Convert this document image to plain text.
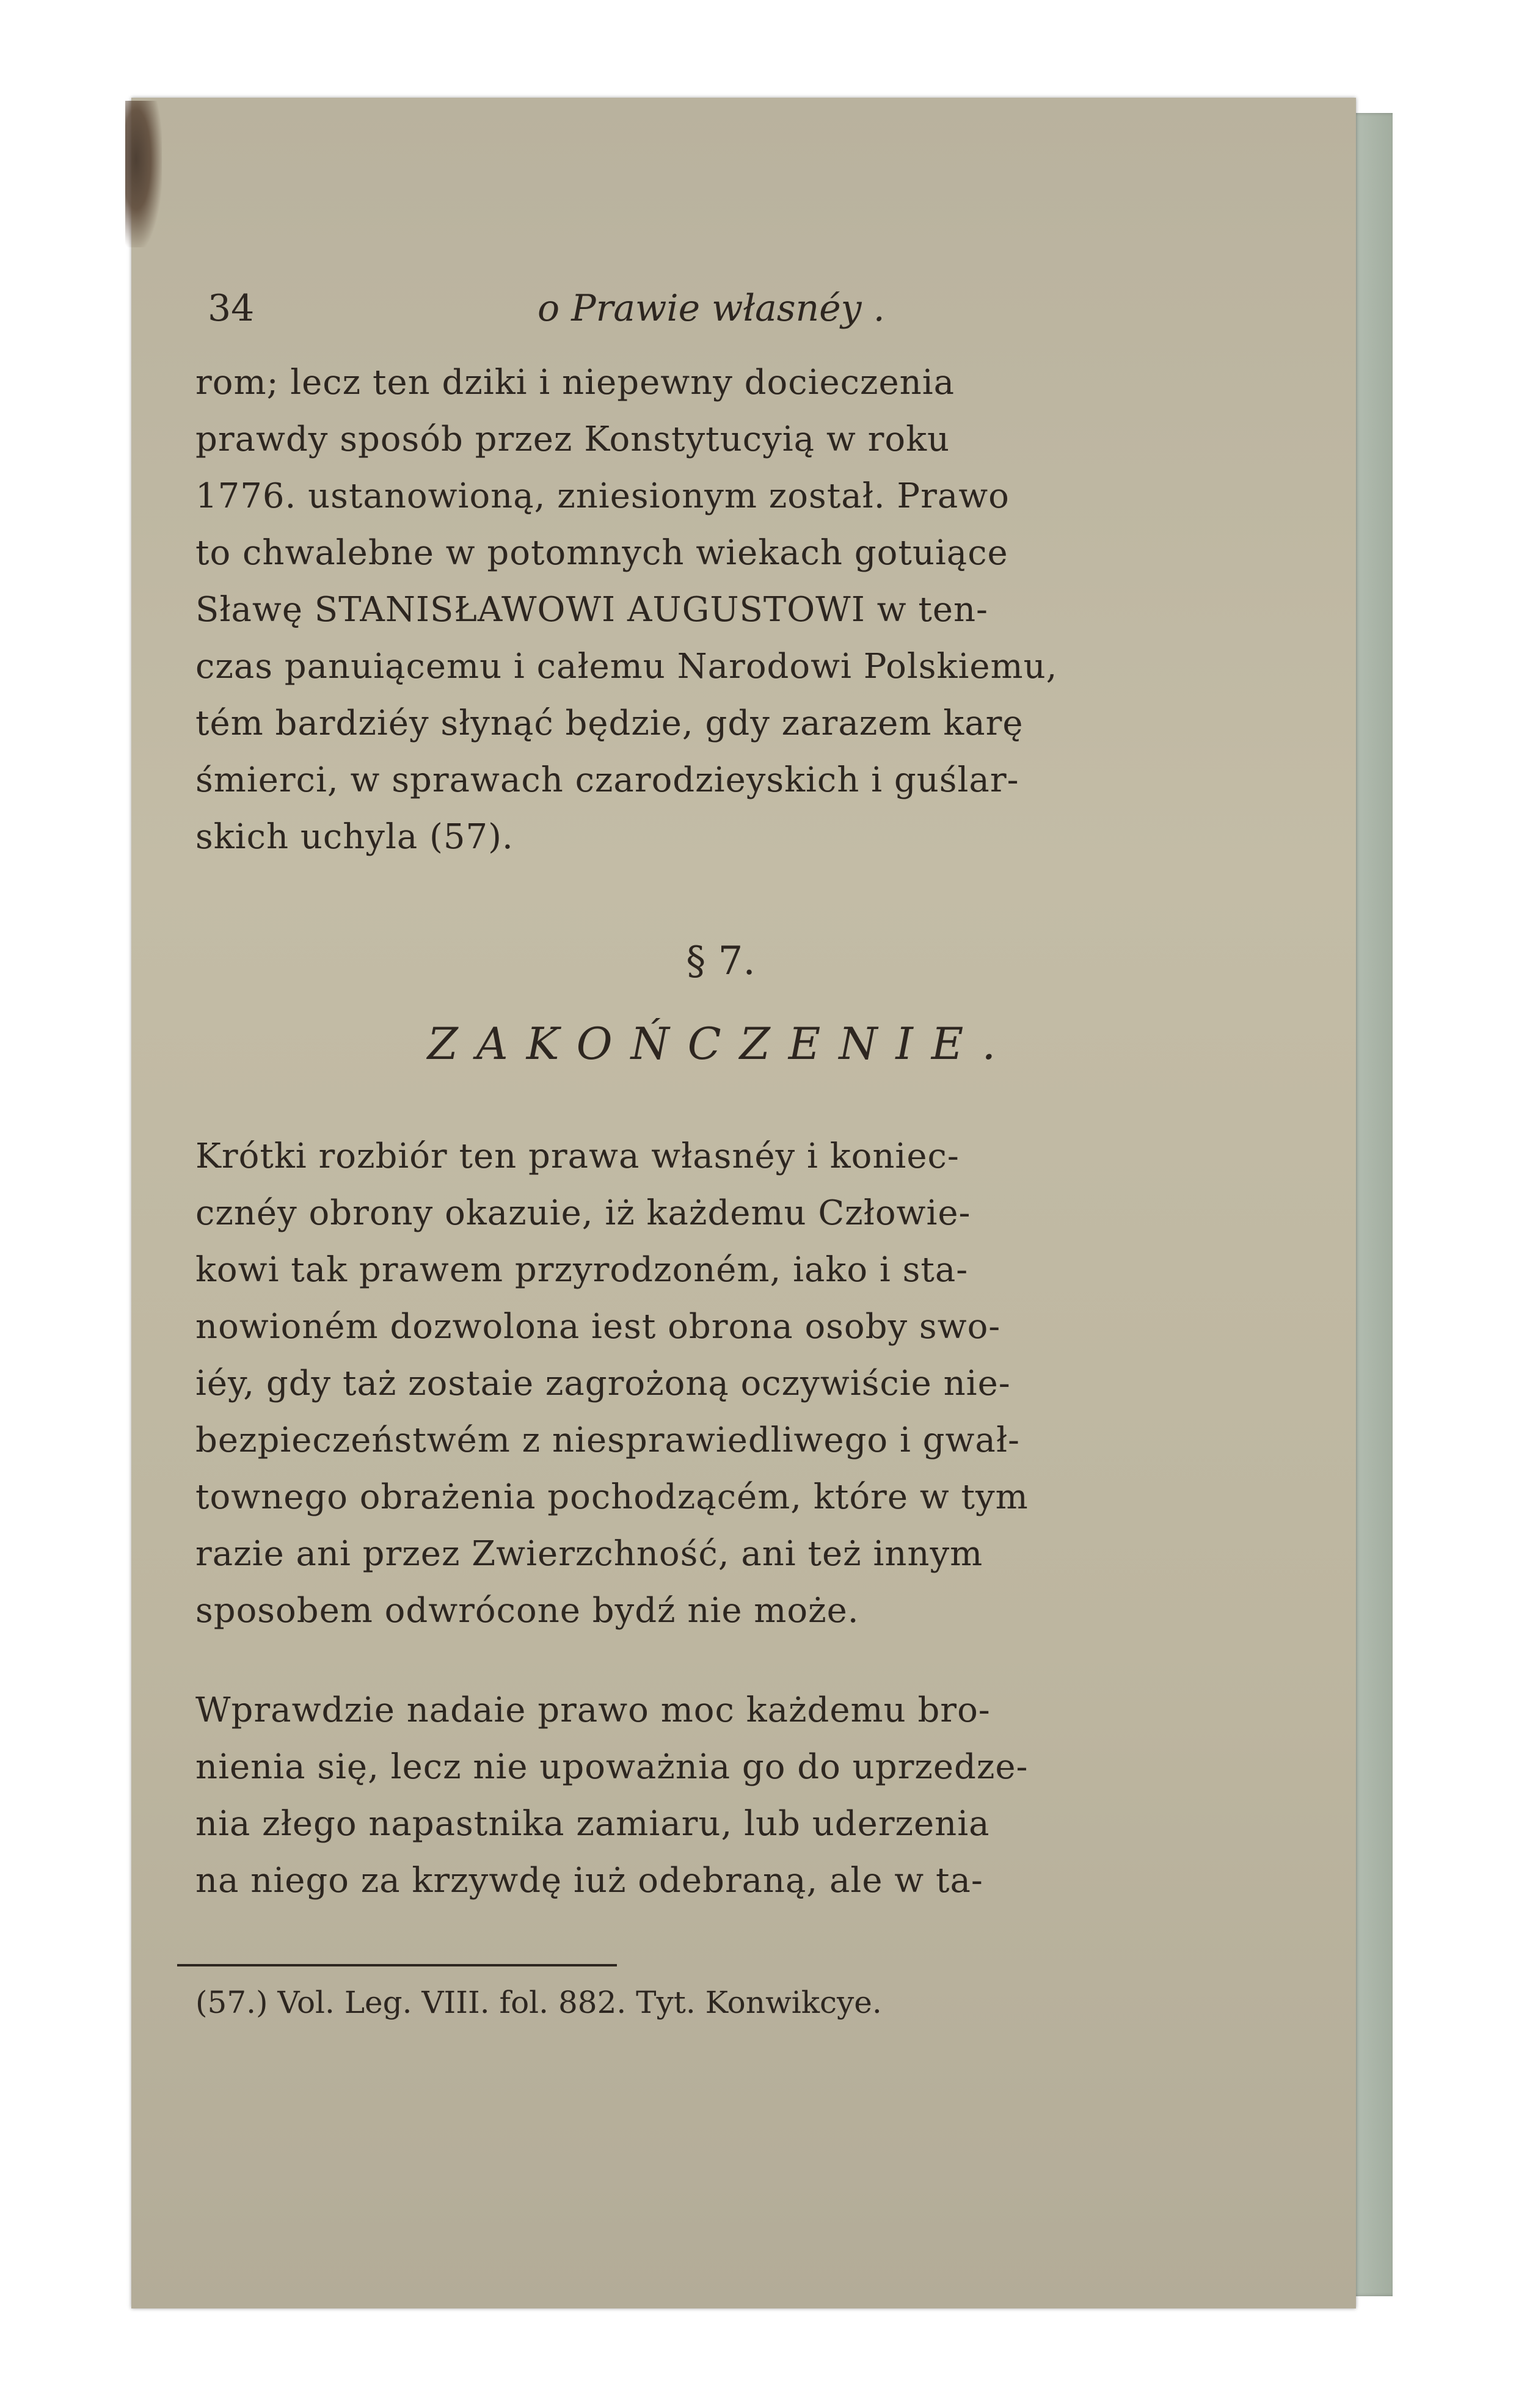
34	o Prawie własnéy .

rom; lecz ten dziki i niepewny docieczenia
prawdy sposób przez Konstytucyią w roku
1776. ustanowioną, zniesionym został. Prawo
to chwalebne w potomnych wiekach gotuiące
Sławę STANISŁAWOWI AUGUSTOWI w ten-
czas panuiącemu i całemu Narodowi Polskiemu,
tém bardziéy słynąć będzie, gdy zarazem karę
śmierci, w sprawach czarodzieyskich i guślar-
skich uchyla (57).

§ 7.
ZAKOŃCZENIE.

Krótki rozbiór ten prawa własnéy i koniec-
cznéy obrony okazuie, iż każdemu Człowie-
kowi tak prawem przyrodzoném, iako i sta-
nowioném dozwolona iest obrona osoby swo-
iéy, gdy taż zostaie zagrożoną oczywiście nie-
bezpieczeństwém z niesprawiedliwego i gwał-
townego obrażenia pochodzącém, które w tym
razie ani przez Zwierzchność, ani też innym
sposobem odwrócone bydź nie może.

Wprawdzie nadaie prawo moc każdemu bro-
nienia się, lecz nie upoważnia go do uprzedze-
nia złego napastnika zamiaru, lub uderzenia
na niego za krzywdę iuż odebraną, ale w ta-

(57.) Vol. Leg. VIII. fol. 882. Tyt. Konwikcye.
